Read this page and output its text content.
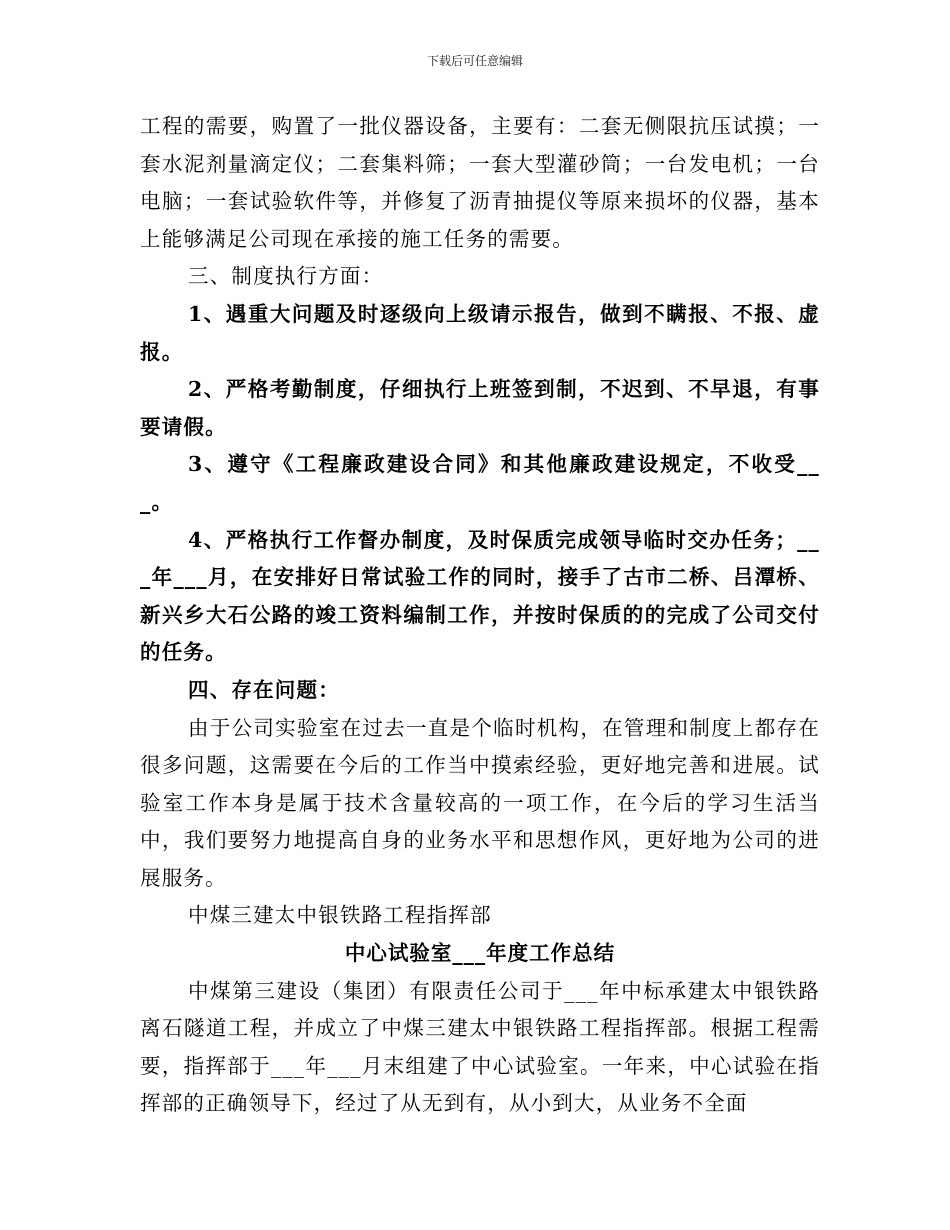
下载后可任意编辑

工程的需要，购置了一批仪器设备，主要有：二套无侧限抗压试摸；一套水泥剂量滴定仪；二套集料筛；一套大型灌砂筒；一台发电机；一台电脑；一套试验软件等，并修复了沥青抽提仪等原来损坏的仪器，基本上能够满足公司现在承接的施工任务的需要。

三、制度执行方面：

1、遇重大问题及时逐级向上级请示报告，做到不瞒报、不报、虚报。

2、严格考勤制度，仔细执行上班签到制，不迟到、不早退，有事要请假。

3、遵守《工程廉政建设合同》和其他廉政建设规定，不收受___。

4、严格执行工作督办制度，及时保质完成领导临时交办任务；___年___月，在安排好日常试验工作的同时，接手了古市二桥、吕潭桥、新兴乡大石公路的竣工资料编制工作，并按时保质的的完成了公司交付的任务。

四、存在问题：

由于公司实验室在过去一直是个临时机构，在管理和制度上都存在很多问题，这需要在今后的工作当中摸索经验，更好地完善和进展。试验室工作本身是属于技术含量较高的一项工作，在今后的学习生活当中，我们要努力地提高自身的业务水平和思想作风，更好地为公司的进展服务。

中煤三建太中银铁路工程指挥部

中心试验室___年度工作总结

中煤第三建设（集团）有限责任公司于___年中标承建太中银铁路离石隧道工程，并成立了中煤三建太中银铁路工程指挥部。根据工程需要，指挥部于___年___月末组建了中心试验室。一年来，中心试验在指挥部的正确领导下，经过了从无到有，从小到大，从业务不全面
